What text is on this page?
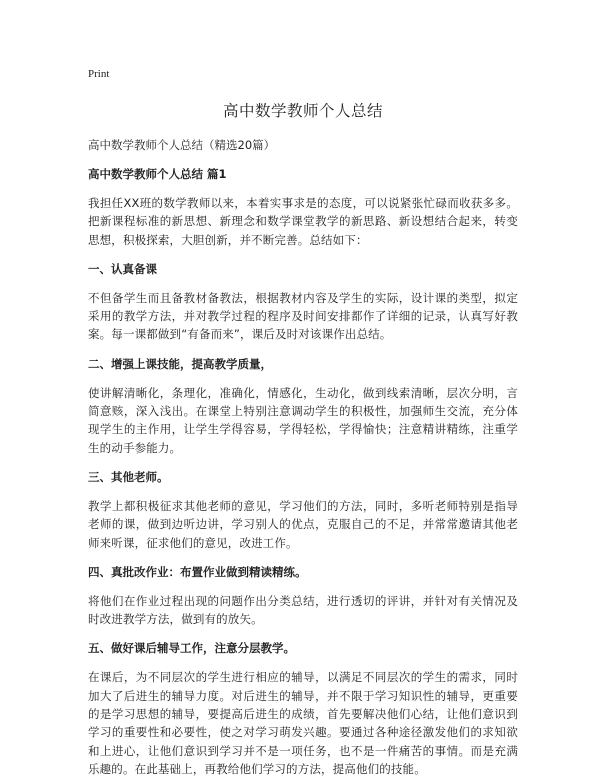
Print
高中数学教师个人总结
高中数学教师个人总结（精选20篇）
高中数学教师个人总结 篇1

我担任XX班的数学教师以来，本着实事求是的态度，可以说紧张忙碌而收获多多。把新课程标准的新思想、新理念和数学课堂教学的新思路、新设想结合起来，转变思想，积极探索，大胆创新，并不断完善。总结如下：

一、认真备课

不但备学生而且备教材备教法，根据教材内容及学生的实际，设计课的类型，拟定采用的教学方法，并对教学过程的程序及时间安排都作了详细的记录，认真写好教案。每一课都做到“有备而来”，课后及时对该课作出总结。

二、增强上课技能，提高教学质量，

使讲解清晰化，条理化，准确化，情感化，生动化，做到线索清晰，层次分明，言简意赅，深入浅出。在课堂上特别注意调动学生的积极性，加强师生交流，充分体现学生的主作用，让学生学得容易，学得轻松，学得愉快；注意精讲精练，注重学生的动手参能力。

三、其他老师。

教学上都积极征求其他老师的意见，学习他们的方法，同时，多听老师特别是指导老师的课，做到边听边讲，学习别人的优点，克服自己的不足，并常常邀请其他老师来听课，征求他们的意见，改进工作。

四、真批改作业：布置作业做到精读精练。

将他们在作业过程出现的问题作出分类总结，进行透切的评讲，并针对有关情况及时改进教学方法，做到有的放矢。

五、做好课后辅导工作，注意分层教学。

在课后，为不同层次的学生进行相应的辅导，以满足不同层次的学生的需求，同时加大了后进生的辅导力度。对后进生的辅导，并不限于学习知识性的辅导，更重要的是学习思想的辅导，要提高后进生的成绩，首先要解决他们心结，让他们意识到学习的重要性和必要性，使之对学习萌发兴趣。要通过各种途径激发他们的求知欲和上进心，让他们意识到学习并不是一项任务，也不是一件痛苦的事情。而是充满乐趣的。在此基础上，再教给他们学习的方法，提高他们的技能。
